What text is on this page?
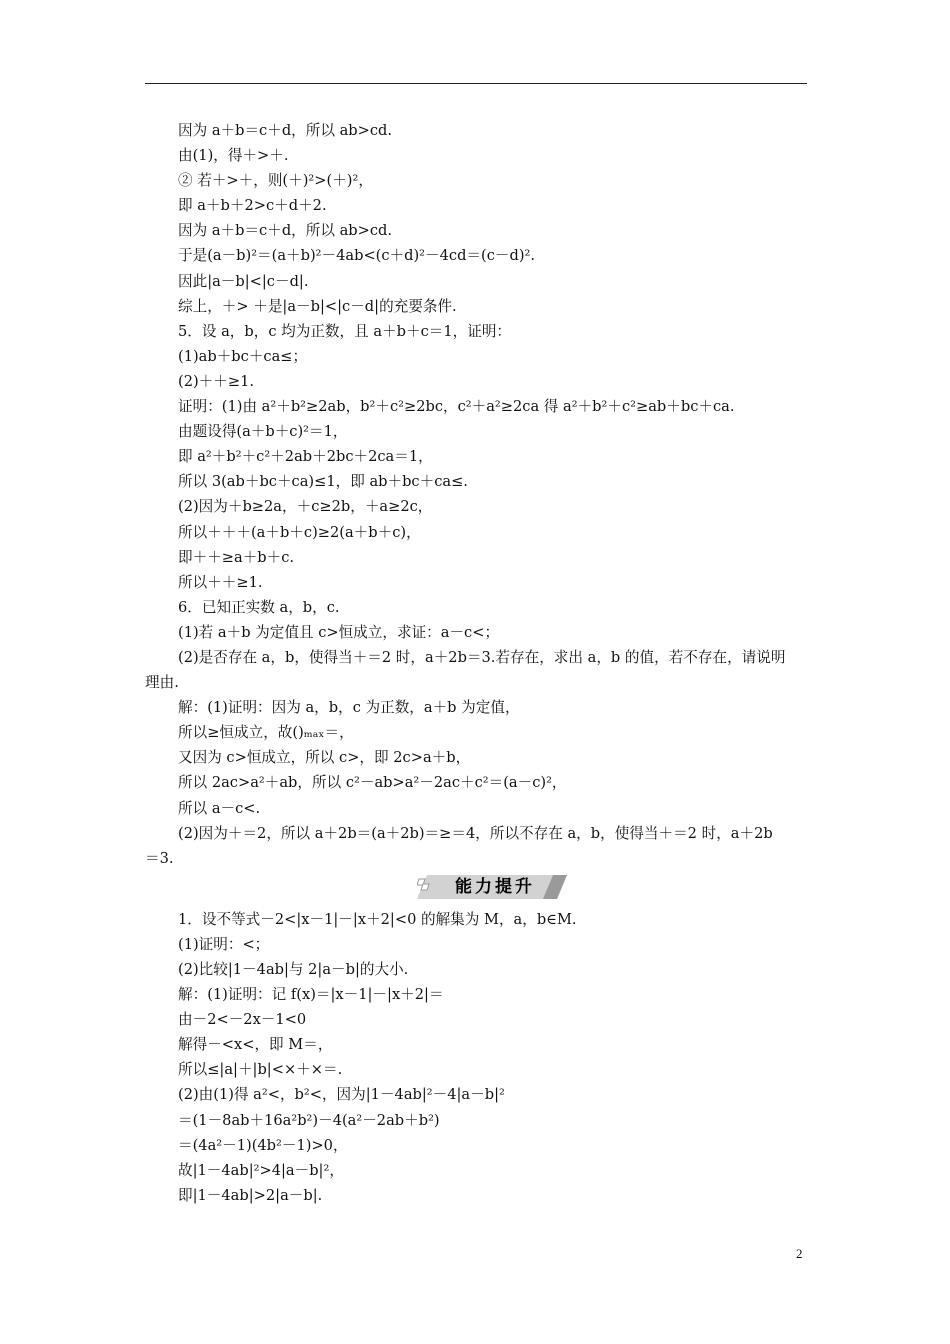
因为 a＋b＝c＋d，所以 ab>cd.
由(1)，得＋>＋.
② 若＋>＋，则(＋)²>(＋)²，
即 a＋b＋2>c＋d＋2.
因为 a＋b＝c＋d，所以 ab>cd.
于是(a－b)²＝(a＋b)²－4ab<(c＋d)²－4cd＝(c－d)².
因此|a－b|<|c－d|.
综上，＋> ＋是|a－b|<|c－d|的充要条件.
5．设 a，b，c 均为正数，且 a＋b＋c＝1，证明：
(1)ab＋bc＋ca≤；
(2)＋＋≥1.
证明：(1)由 a²＋b²≥2ab，b²＋c²≥2bc，c²＋a²≥2ca 得 a²＋b²＋c²≥ab＋bc＋ca.
由题设得(a＋b＋c)²＝1，
即 a²＋b²＋c²＋2ab＋2bc＋2ca＝1，
所以 3(ab＋bc＋ca)≤1，即 ab＋bc＋ca≤.
(2)因为＋b≥2a，＋c≥2b，＋a≥2c，
所以＋＋＋(a＋b＋c)≥2(a＋b＋c)，
即＋＋≥a＋b＋c.
所以＋＋≥1.
6．已知正实数 a，b，c.
(1)若 a＋b 为定值且 c>恒成立，求证：a－c<；
(2)是否存在 a，b，使得当＋＝2 时，a＋2b＝3.若存在，求出 a，b 的值，若不存在，请说明
理由.
解：(1)证明：因为 a，b，c 为正数，a＋b 为定值，
所以≥恒成立，故()ₘₐₓ＝，
又因为 c>恒成立，所以 c>，即 2c>a＋b，
所以 2ac>a²＋ab，所以 c²－ab>a²－2ac＋c²＝(a－c)²，
所以 a－c<.
(2)因为＋＝2，所以 a＋2b＝(a＋2b)＝≥＝4，所以不存在 a，b，使得当＋＝2 时，a＋2b
＝3.
能力提升
1．设不等式－2<|x－1|－|x＋2|<0 的解集为 M，a，b∈M.
(1)证明：<；
(2)比较|1－4ab|与 2|a－b|的大小.
解：(1)证明：记 f(x)＝|x－1|－|x＋2|＝
由－2<－2x－1<0
解得－<x<，即 M＝，
所以≤|a|＋|b|<×＋×＝.
(2)由(1)得 a²<，b²<，因为|1－4ab|²－4|a－b|²
＝(1－8ab＋16a²b²)－4(a²－2ab＋b²)
＝(4a²－1)(4b²－1)>0，
故|1－4ab|²>4|a－b|²，
即|1－4ab|>2|a－b|.
2
